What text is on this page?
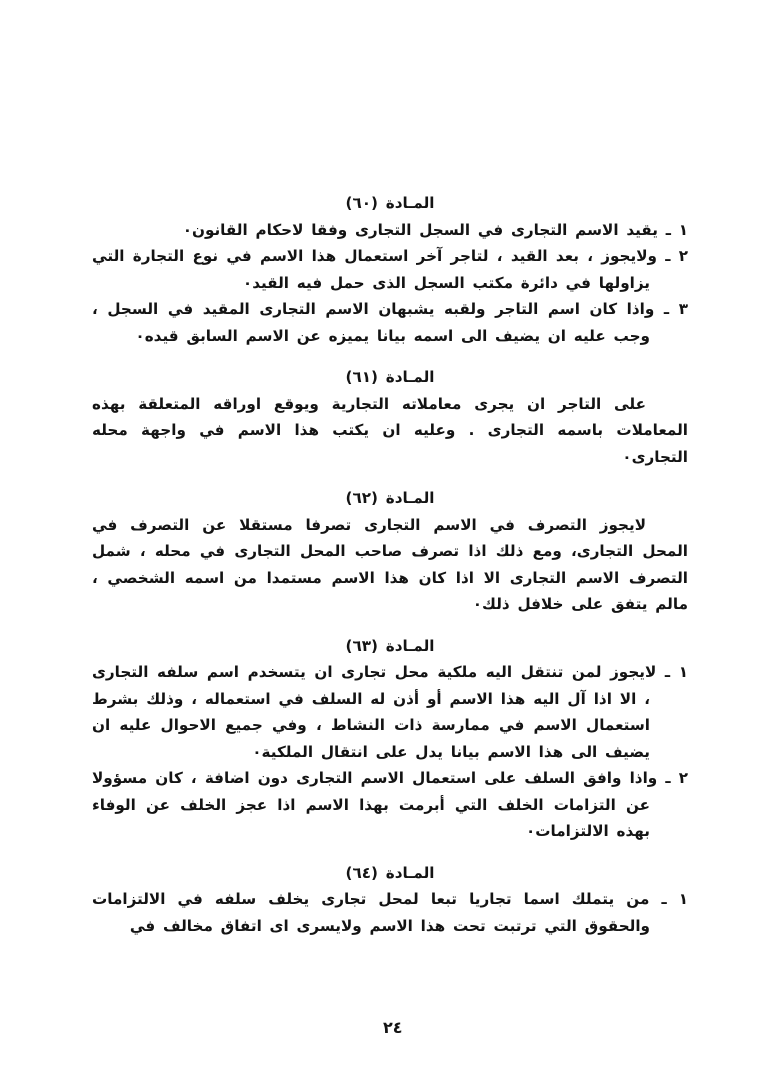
المـادة (٦٠)

١ ـ يقيد الاسم التجارى في السجل التجارى وفقا لاحكام القانون٠

٢ ـ ولايجوز ، بعد القيد ، لتاجر آخر استعمال هذا الاسم في نوع التجارة التي يزاولها في دائرة مكتب السجل الذى حمل فيه القيد٠

٣ ـ واذا كان اسم التاجر ولقبه يشبهان الاسم التجارى المقيد في السجل ، وجب عليه ان يضيف الى اسمه بيانا يميزه عن الاسم السابق قيده٠

المـادة (٦١)

على التاجر ان يجرى معاملاته التجارية ويوقع اوراقه المتعلقة بهذه المعاملات باسمه التجارى . وعليه ان يكتب هذا الاسم في واجهة محله التجارى٠

المـادة (٦٢)

لايجوز التصرف في الاسم التجارى تصرفا مستقلا عن التصرف في المحل التجارى، ومع ذلك اذا تصرف صاحب المحل التجارى في محله ، شمل التصرف الاسم التجارى الا اذا كان هذا الاسم مستمدا من اسمه الشخصي ، مالم يتفق على خلافل ذلك٠

المـادة (٦٣)

١ ـ لايجوز لمن تنتقل اليه ملكية محل تجارى ان يتسخدم اسم سلفه التجارى ، الا اذا آل اليه هذا الاسم أو أذن له السلف في استعماله ، وذلك بشرط استعمال الاسم في ممارسة ذات النشاط ، وفي جميع الاحوال عليه ان يضيف الى هذا الاسم بيانا يدل على انتقال الملكية٠

٢ ـ واذا وافق السلف على استعمال الاسم التجارى دون اضافة ، كان مسؤولا عن التزامات الخلف التي أبرمت بهذا الاسم اذا عجز الخلف عن الوفاء بهذه الالتزامات٠

المـادة (٦٤)

١ ـ من يتملك اسما تجاريا تبعا لمحل تجارى يخلف سلفه في الالتزامات والحقوق التي ترتبت تحت هذا الاسم ولايسرى اى اتفاق مخالف في

٢٤
